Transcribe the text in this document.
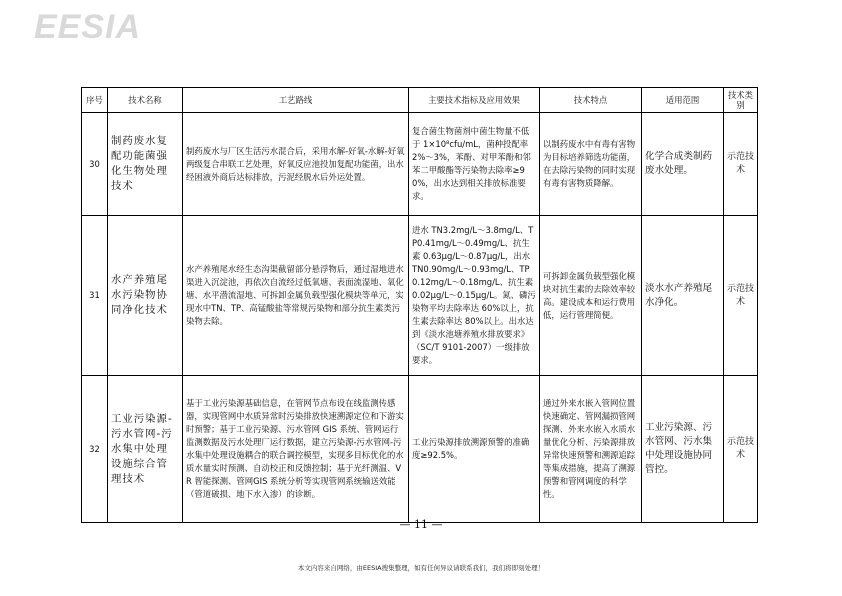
EESIA
序号	技术名称	工艺路线	主要技术指标及应用效果	技术特点	适用范围	技术类别
30	制药废水复配功能菌强化生物处理技术	制药废水与厂区生活污水混合后，采用水解-好氧-水解-好氧两级复合串联工艺处理，好氧反应池投加复配功能菌，出水经困液外商后达标排放，污泥经脱水后外运处置。	复合菌生物菌剂中菌生物量不低于 1×10⁸cfu/mL，菌种投配率 2%～3%，苯酚、对甲苯酚和邻苯二甲酸酯等污染物去除率≥90%，出水达到相关排放标准要求。	以制药废水中有毒有害物为目标培养筛选功能菌，在去除污染物的同时实现有毒有害物质降解。	化学合成类制药废水处理。	示范技术
31	水产养殖尾水污染物协同净化技术	水产养殖尾水经生态沟渠截留部分悬浮物后，通过湿地进水渠进入沉淀池，再依次自流经过低氧塘、表面流湿地、氧化塘、水平潜流湿地、可拆卸金属负载型强化模块等单元，实现水中TN、TP、高锰酸盐等常规污染物和部分抗生素类污染物去除。	进水 TN3.2mg/L～3.8mg/L、TP0.41mg/L～0.49mg/L、抗生素 0.63μg/L～0.87μg/L，出水 TN0.90mg/L～0.93mg/L、TP0.12mg/L～0.18mg/L、抗生素 0.02μg/L～0.15μg/L。氮、磷污染物平均去除率达 60%以上，抗生素去除率达 80%以上。出水达到《淡水池塘养殖水排放要求》（SC/T 9101-2007）一级排放要求。	可拆卸金属负载型强化模块对抗生素的去除效率较高。建设成本和运行费用低，运行管理简便。	淡水水产养殖尾水净化。	示范技术
32	工业污染源-污水管网-污水集中处理设施综合管理技术	基于工业污染源基础信息，在管网节点布设在线监测传感器，实现管网中水质异常时污染排放快速溯源定位和下游实时预警；基于工业污染源、污水管网 GIS 系统、管网运行监测数据及污水处理厂运行数据，建立污染源-污水管网-污水集中处理设施耦合的联合调控模型，实现多目标优化的水质水量实时预测、自动校正和反馈控制；基于光纤测温、VR 智能探测、管网GIS 系统分析等实现管网系统输送效能（管道破损、地下水入渗）的诊断。	工业污染源排放溯源预警的准确度≥92.5%。	通过外来水嵌入管网位置快速确定、管网漏损管网探测、外来水嵌入水质水量优化分析、污染源排放异常快速预警和溯源追踪等集成措施，提高了溯源预警和管网调度的科学性。	工业污染源、污水管网、污水集中处理设施协同管控。	示范技术
— 11 —
本文内容来自网络，由EESIA搜集整理，如有任何异议请联系我们，我们将即刻处理！
